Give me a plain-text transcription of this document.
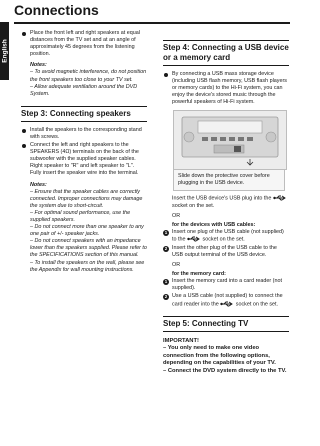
English
Connections
Place the front left and right speakers at equal distances from the TV set and at an angle of approximately 45 degrees from the listening position.
Notes:
– To avoid magnetic interference, do not position the front speakers too close to your TV set.
– Allow adequate ventilation around the DVD System.
Step 3: Connecting speakers
Install the speakers to the corresponding stand with screws.
Connect the left and right speakers to the SPEAKERS (4Ω) terminals on the back of the subwoofer with the supplied speaker cables. Right speaker to "R" and left speaker to "L". Fully insert the speaker wire into the terminal.
Notes:
– Ensure that the speaker cables are correctly connected. Improper connections may damage the system due to short-circuit.
– For optimal sound performance, use the supplied speakers.
– Do not connect more than one speaker to any one pair of +/- speaker jacks.
– Do not connect speakers with an impedance lower than the speakers supplied. Please refer to the SPECIFICATIONS section of this manual.
– To install the speakers on the wall, please see the Appendix for wall mounting instructions.
Step 4: Connecting a USB device or a memory card
By connecting a USB mass storage device (including USB flash memory, USB flash players or memory cards) to the Hi-Fi system, you can enjoy the device's stored music through the powerful speakers of Hi-Fi system.
Slide down the protective cover before plugging in the USB device.
Insert the USB device's USB plug into the  socket on the set.
OR
for the devices with USB cables:
1 Insert one plug of the USB cable (not supplied) to the	socket on the set.
2 Insert the other plug of the USB cable to the USB output terminal of the USB device.
OR
for the memory card:
1 Insert the memory card into a card reader (not supplied).
2 Use a USB cable (not supplied) to connect the card reader into the	socket on the set.
Step 5: Connecting TV
IMPORTANT!
– You only need to make one video connection from the following options, depending on the capabilities of your TV.
– Connect the DVD system directly to the TV.
